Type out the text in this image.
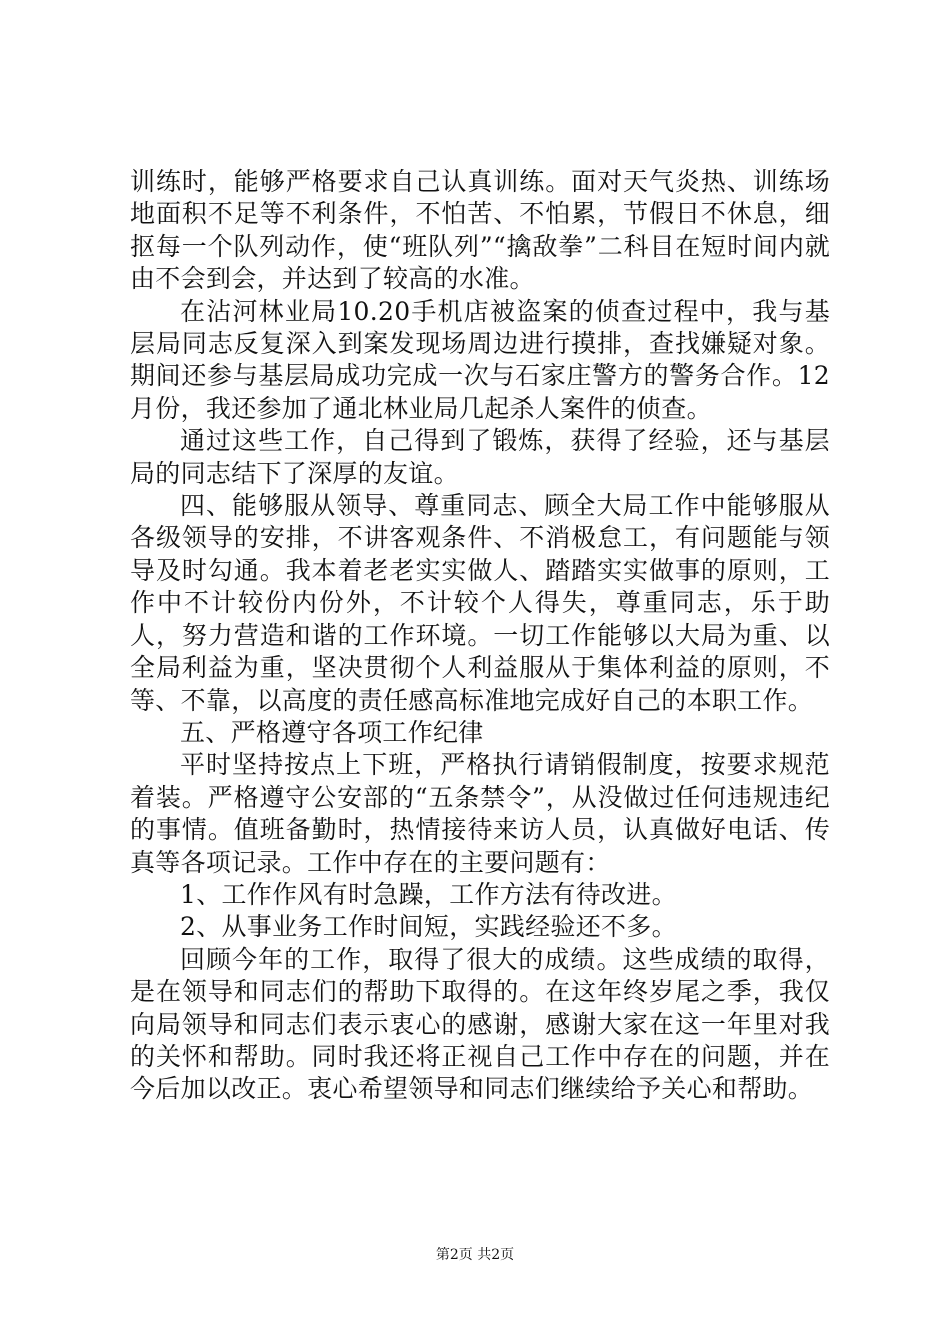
训练时，能够严格要求自己认真训练。面对天气炎热、训练场地面积不足等不利条件，不怕苦、不怕累，节假日不休息，细抠每一个队列动作，使“班队列”“擒敌拳”二科目在短时间内就由不会到会，并达到了较高的水准。

在沾河林业局10.20手机店被盗案的侦查过程中，我与基层局同志反复深入到案发现场周边进行摸排，查找嫌疑对象。期间还参与基层局成功完成一次与石家庄警方的警务合作。12月份，我还参加了通北林业局几起杀人案件的侦查。

通过这些工作，自己得到了锻炼，获得了经验，还与基层局的同志结下了深厚的友谊。

四、能够服从领导、尊重同志、顾全大局工作中能够服从各级领导的安排，不讲客观条件、不消极怠工，有问题能与领导及时勾通。我本着老老实实做人、踏踏实实做事的原则，工作中不计较份内份外，不计较个人得失，尊重同志，乐于助人，努力营造和谐的工作环境。一切工作能够以大局为重、以全局利益为重，坚决贯彻个人利益服从于集体利益的原则，不等、不靠，以高度的责任感高标准地完成好自己的本职工作。

五、严格遵守各项工作纪律

平时坚持按点上下班，严格执行请销假制度，按要求规范着装。严格遵守公安部的“五条禁令”，从没做过任何违规违纪的事情。值班备勤时，热情接待来访人员，认真做好电话、传真等各项记录。工作中存在的主要问题有：

1、工作作风有时急躁，工作方法有待改进。

2、从事业务工作时间短，实践经验还不多。

回顾今年的工作，取得了很大的成绩。这些成绩的取得，是在领导和同志们的帮助下取得的。在这年终岁尾之季，我仅向局领导和同志们表示衷心的感谢，感谢大家在这一年里对我的关怀和帮助。同时我还将正视自己工作中存在的问题，并在今后加以改正。衷心希望领导和同志们继续给予关心和帮助。

第2页 共2页
